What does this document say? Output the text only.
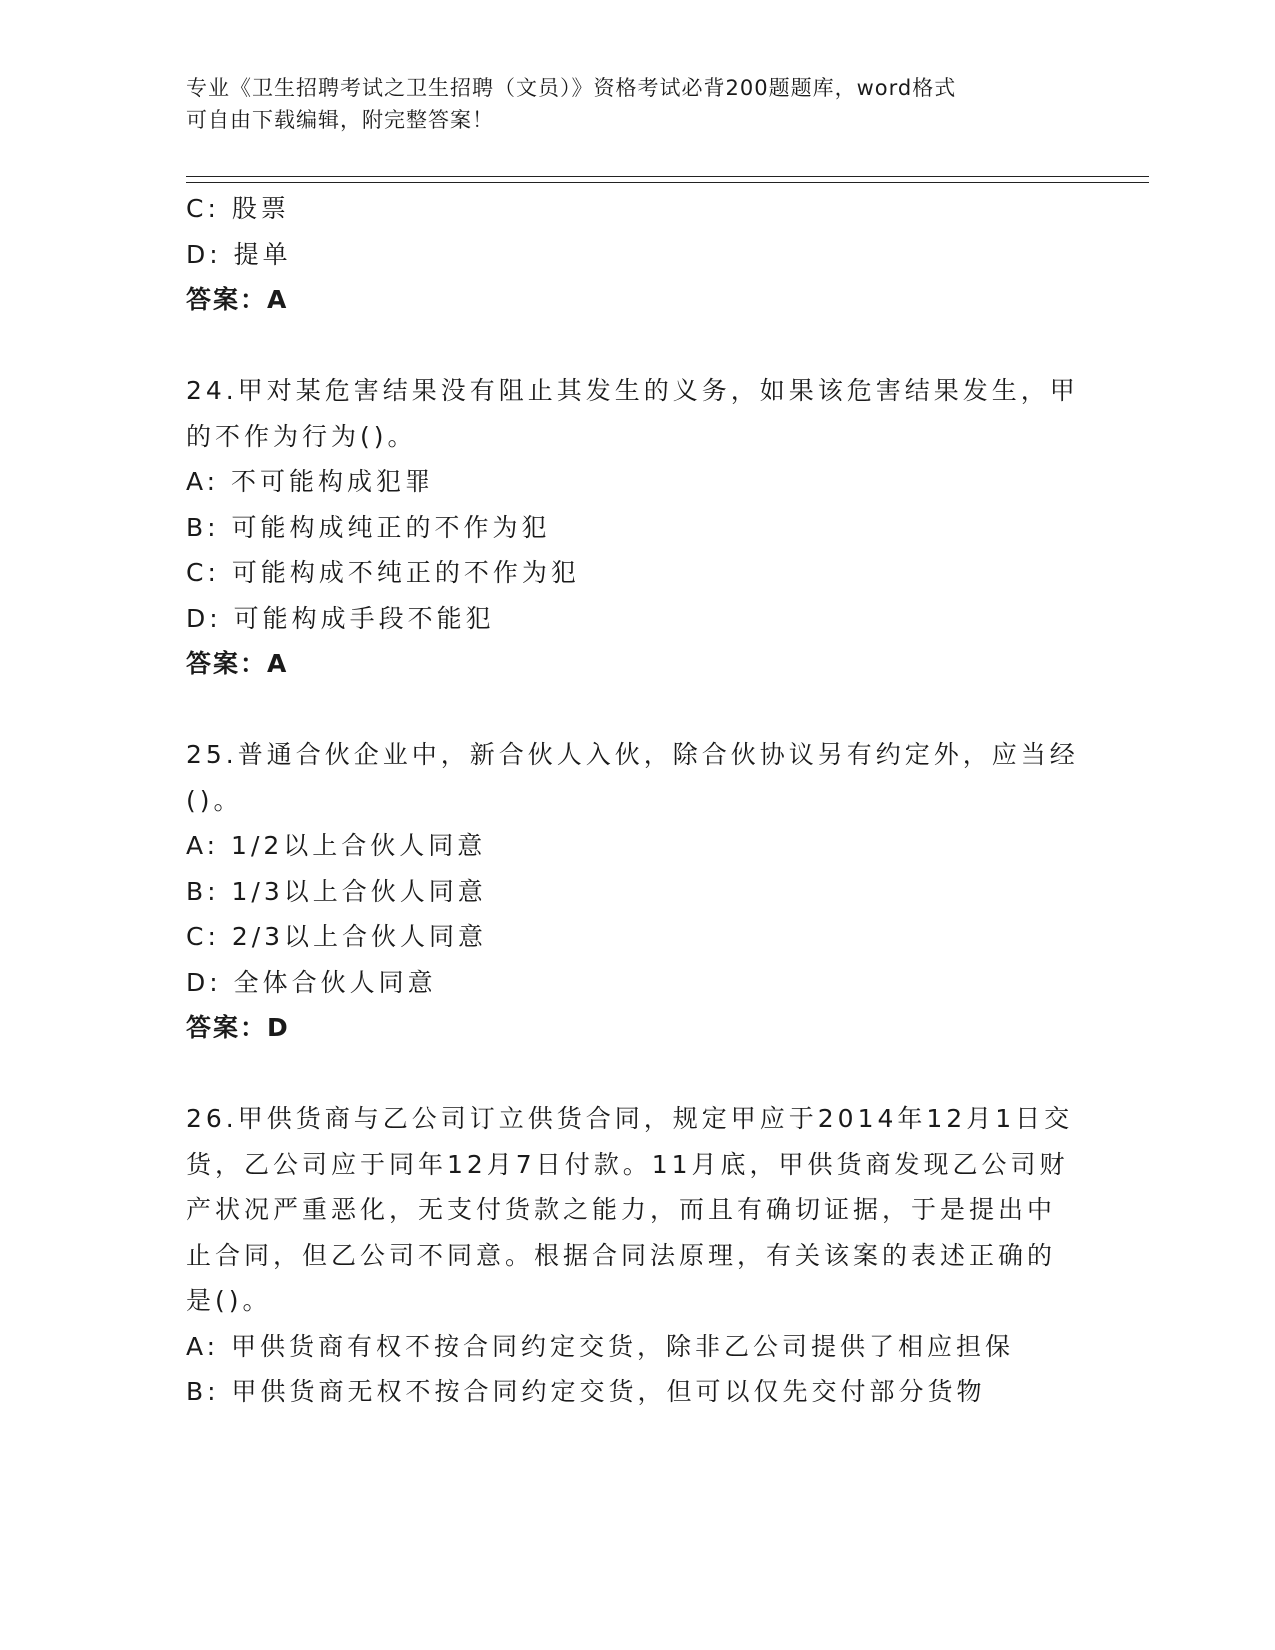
专业《卫生招聘考试之卫生招聘（文员）》资格考试必背200题题库，word格式
可自由下载编辑，附完整答案！
C: 股票
D: 提单
答案：A
24.甲对某危害结果没有阻止其发生的义务，如果该危害结果发生，甲
的不作为行为()。
A: 不可能构成犯罪
B: 可能构成纯正的不作为犯
C: 可能构成不纯正的不作为犯
D: 可能构成手段不能犯
答案：A
25.普通合伙企业中，新合伙人入伙，除合伙协议另有约定外，应当经
()。
A: 1/2以上合伙人同意
B: 1/3以上合伙人同意
C: 2/3以上合伙人同意
D: 全体合伙人同意
答案：D
26.甲供货商与乙公司订立供货合同，规定甲应于2014年12月1日交
货，乙公司应于同年12月7日付款。11月底，甲供货商发现乙公司财
产状况严重恶化，无支付货款之能力，而且有确切证据，于是提出中
止合同，但乙公司不同意。根据合同法原理，有关该案的表述正确的
是()。
A: 甲供货商有权不按合同约定交货，除非乙公司提供了相应担保
B: 甲供货商无权不按合同约定交货，但可以仅先交付部分货物
